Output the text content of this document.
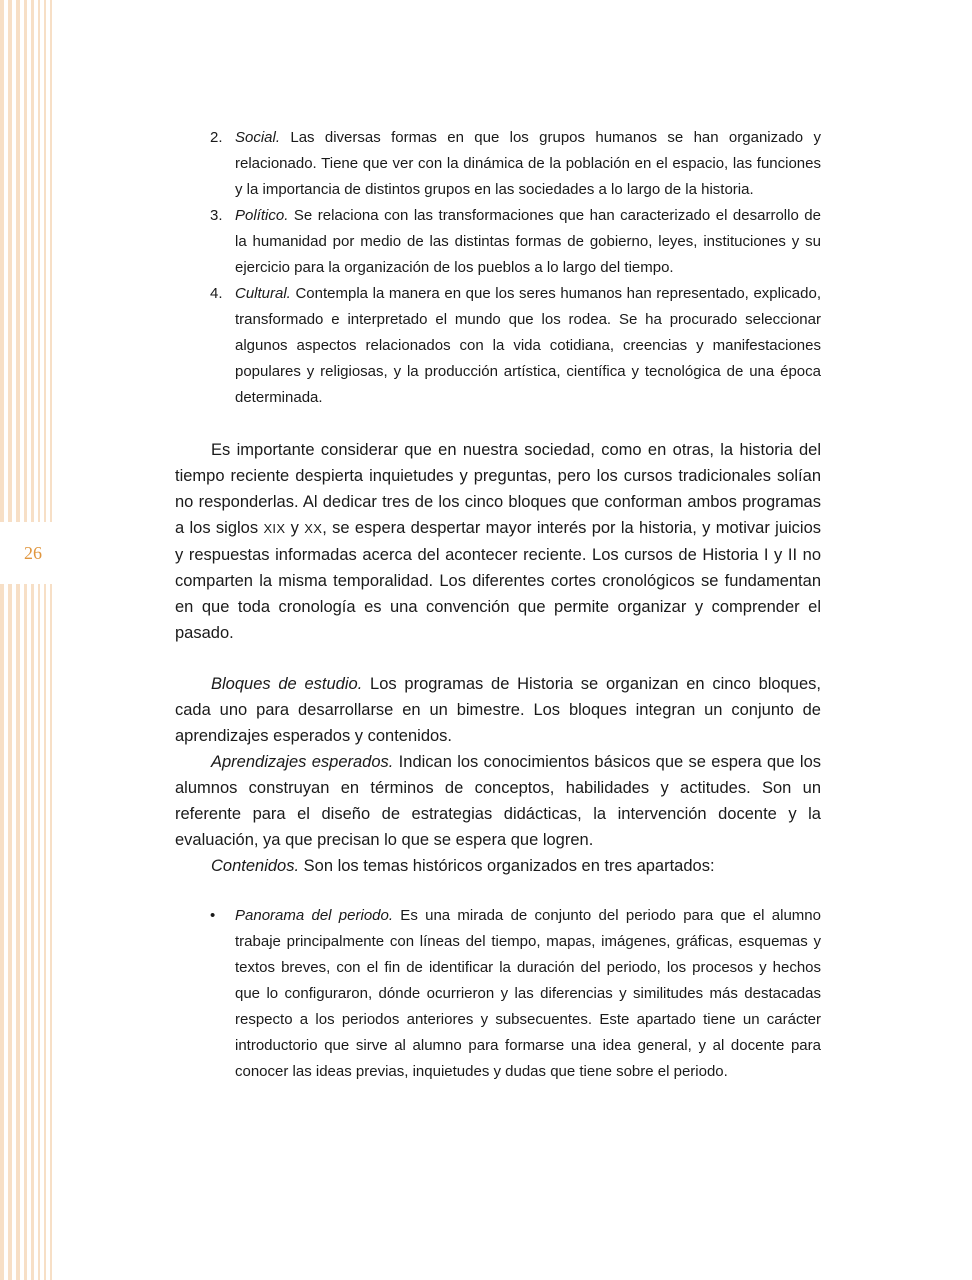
26
2. Social. Las diversas formas en que los grupos humanos se han organizado y relacionado. Tiene que ver con la dinámica de la población en el espacio, las funciones y la importancia de distintos grupos en las sociedades a lo largo de la historia.
3. Político. Se relaciona con las transformaciones que han caracterizado el desarrollo de la humanidad por medio de las distintas formas de gobierno, leyes, instituciones y su ejercicio para la organización de los pueblos a lo largo del tiempo.
4. Cultural. Contempla la manera en que los seres humanos han representado, explicado, transformado e interpretado el mundo que los rodea. Se ha procurado seleccionar algunos aspectos relacionados con la vida cotidiana, creencias y manifestaciones populares y religiosas, y la producción artística, científica y tecnológica de una época determinada.

Es importante considerar que en nuestra sociedad, como en otras, la historia del tiempo reciente despierta inquietudes y preguntas, pero los cursos tradicionales solían no responderlas. Al dedicar tres de los cinco bloques que conforman ambos programas a los siglos XIX y XX, se espera despertar mayor interés por la historia, y motivar juicios y respuestas informadas acerca del acontecer reciente. Los cursos de Historia I y II no comparten la misma temporalidad. Los diferentes cortes cronológicos se fundamentan en que toda cronología es una convención que permite organizar y comprender el pasado.

Bloques de estudio. Los programas de Historia se organizan en cinco bloques, cada uno para desarrollarse en un bimestre. Los bloques integran un conjunto de aprendizajes esperados y contenidos.

Aprendizajes esperados. Indican los conocimientos básicos que se espera que los alumnos construyan en términos de conceptos, habilidades y actitudes. Son un referente para el diseño de estrategias didácticas, la intervención docente y la evaluación, ya que precisan lo que se espera que logren.

Contenidos. Son los temas históricos organizados en tres apartados:

• Panorama del periodo. Es una mirada de conjunto del periodo para que el alumno trabaje principalmente con líneas del tiempo, mapas, imágenes, gráficas, esquemas y textos breves, con el fin de identificar la duración del periodo, los procesos y hechos que lo configuraron, dónde ocurrieron y las diferencias y similitudes más destacadas respecto a los periodos anteriores y subsecuentes. Este apartado tiene un carácter introductorio que sirve al alumno para formarse una idea general, y al docente para conocer las ideas previas, inquietudes y dudas que tiene sobre el periodo.
